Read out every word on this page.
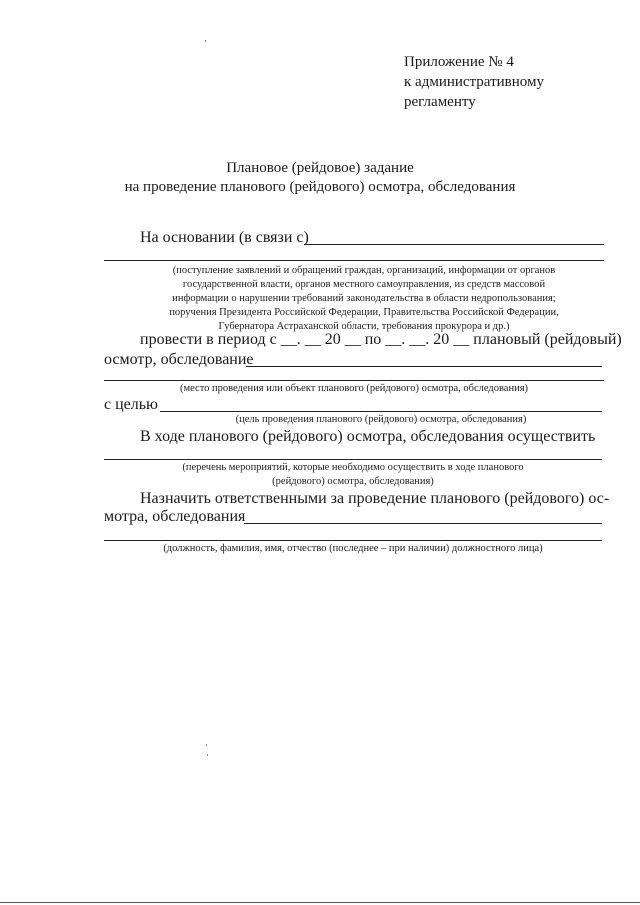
Приложение № 4
к административному
регламенту
Плановое (рейдовое) задание
на проведение планового (рейдового) осмотра, обследования
На основании (в связи с)
(поступление заявлений и обращений граждан, организаций, информации от органов
государственной власти, органов местного самоуправления, из средств массовой
информации о нарушении требований законодательства в области недропользования;
поручения Президента Российской Федерации, Правительства Российской Федерации,
Губернатора Астраханской области, требования прокурора и др.)
провести в период с __. __ 20 __ по __. __. 20 __ плановый (рейдовый)
осмотр, обследование
(место проведения или объект планового (рейдового) осмотра, обследования)
с целью
(цель проведения планового (рейдового) осмотра, обследования)
В ходе планового (рейдового) осмотра, обследования осуществить
(перечень мероприятий, которые необходимо осуществить в ходе планового
(рейдового) осмотра, обследования)
Назначить ответственными за проведение планового (рейдового) ос-
мотра, обследования
(должность, фамилия, имя, отчество (последнее – при наличии) должностного лица)
